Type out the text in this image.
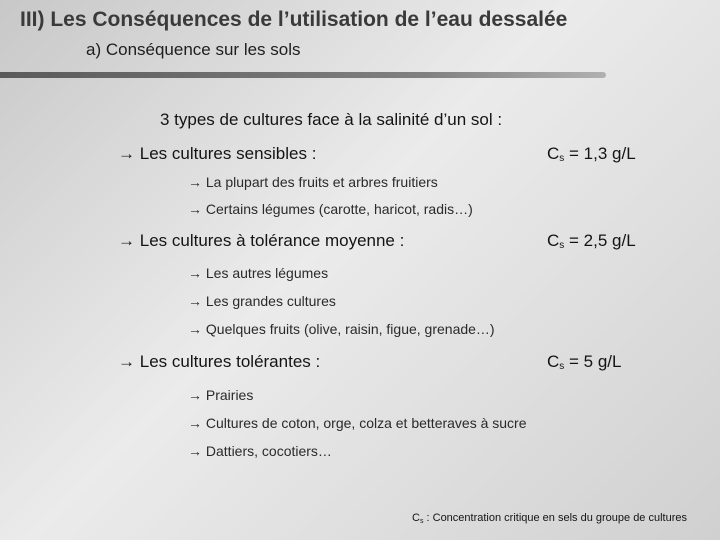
III) Les Conséquences de l’utilisation de l’eau dessalée
a) Conséquence sur les sols
3 types de cultures face à la salinité d’un sol :
→ Les cultures sensibles :	$C_s = 1,3$ g/L
→ La plupart des fruits et arbres fruitiers
→ Certains légumes (carotte, haricot, radis…)
→ Les cultures à tolérance moyenne :	$C_s = 2,5$ g/L
→ Les autres légumes
→ Les grandes cultures
→ Quelques fruits (olive, raisin, figue, grenade…)
→ Les cultures tolérantes :	$C_s = 5$ g/L
→ Prairies
→ Cultures de coton, orge, colza et betteraves à sucre
→ Dattiers, cocotiers…
$C_s$ : Concentration critique en sels du groupe de cultures
